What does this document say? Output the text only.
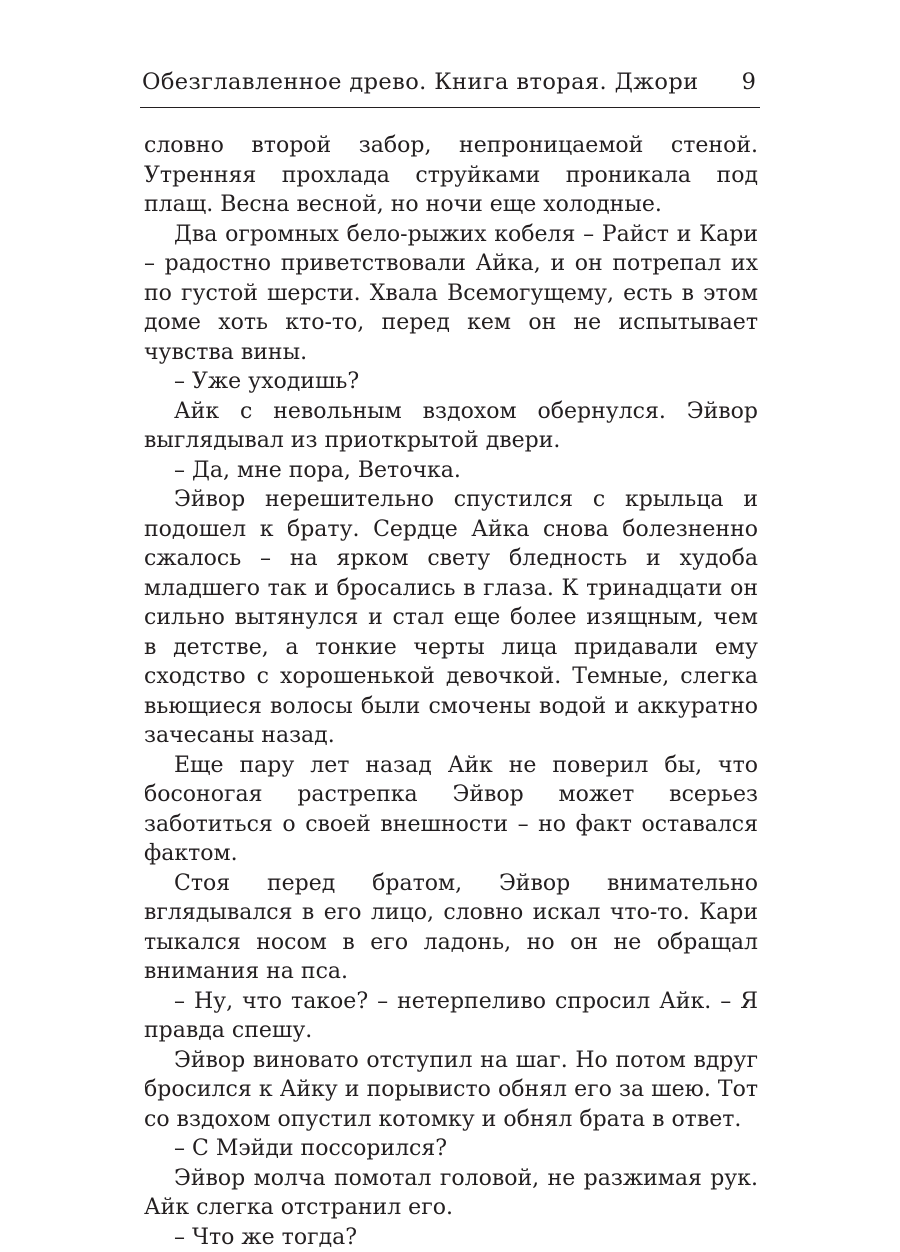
Обезглавленное древо. Книга вторая. Джори 9

словно второй забор, непроницаемой стеной. Утренняя прохлада струйками проникала под плащ. Весна весной, но ночи еще холодные.

Два огромных бело-рыжих кобеля – Райст и Кари – радостно приветствовали Айка, и он потрепал их по густой шерсти. Хвала Всемогущему, есть в этом доме хоть кто-то, перед кем он не испытывает чувства вины.

– Уже уходишь?

Айк с невольным вздохом обернулся. Эйвор выглядывал из приоткрытой двери.

– Да, мне пора, Веточка.

Эйвор нерешительно спустился с крыльца и подошел к брату. Сердце Айка снова болезненно сжалось – на ярком свету бледность и худоба младшего так и бросались в глаза. К тринадцати он сильно вытянулся и стал еще более изящным, чем в детстве, а тонкие черты лица придавали ему сходство с хорошенькой девочкой. Темные, слегка вьющиеся волосы были смочены водой и аккуратно зачесаны назад.

Еще пару лет назад Айк не поверил бы, что босоногая растрепка Эйвор может всерьез заботиться о своей внешности – но факт оставался фактом.

Стоя перед братом, Эйвор внимательно вглядывался в его лицо, словно искал что-то. Кари тыкался носом в его ладонь, но он не обращал внимания на пса.

– Ну, что такое? – нетерпеливо спросил Айк. – Я правда спешу.

Эйвор виновато отступил на шаг. Но потом вдруг бросился к Айку и порывисто обнял его за шею. Тот со вздохом опустил котомку и обнял брата в ответ.

– С Мэйди поссорился?

Эйвор молча помотал головой, не разжимая рук. Айк слегка отстранил его.

– Что же тогда?
